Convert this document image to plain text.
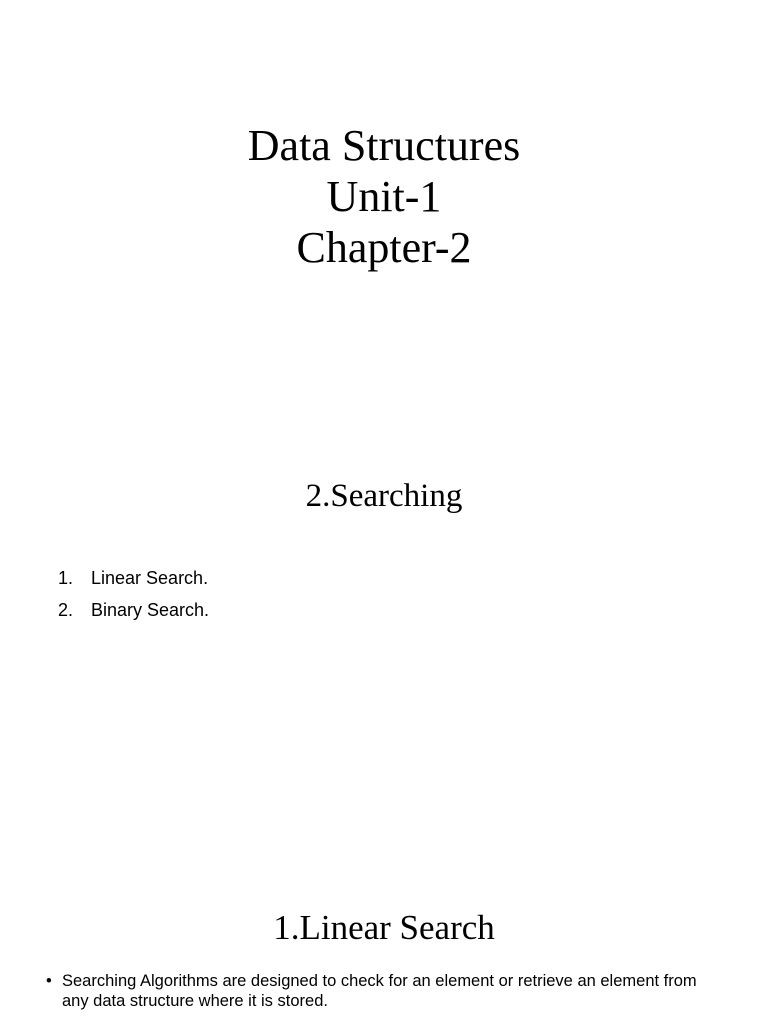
Data Structures
Unit-1
Chapter-2
2.Searching
1. Linear Search.
2. Binary Search.
1.Linear Search
• Searching Algorithms are designed to check for an element or retrieve an element from any data structure where it is stored.
